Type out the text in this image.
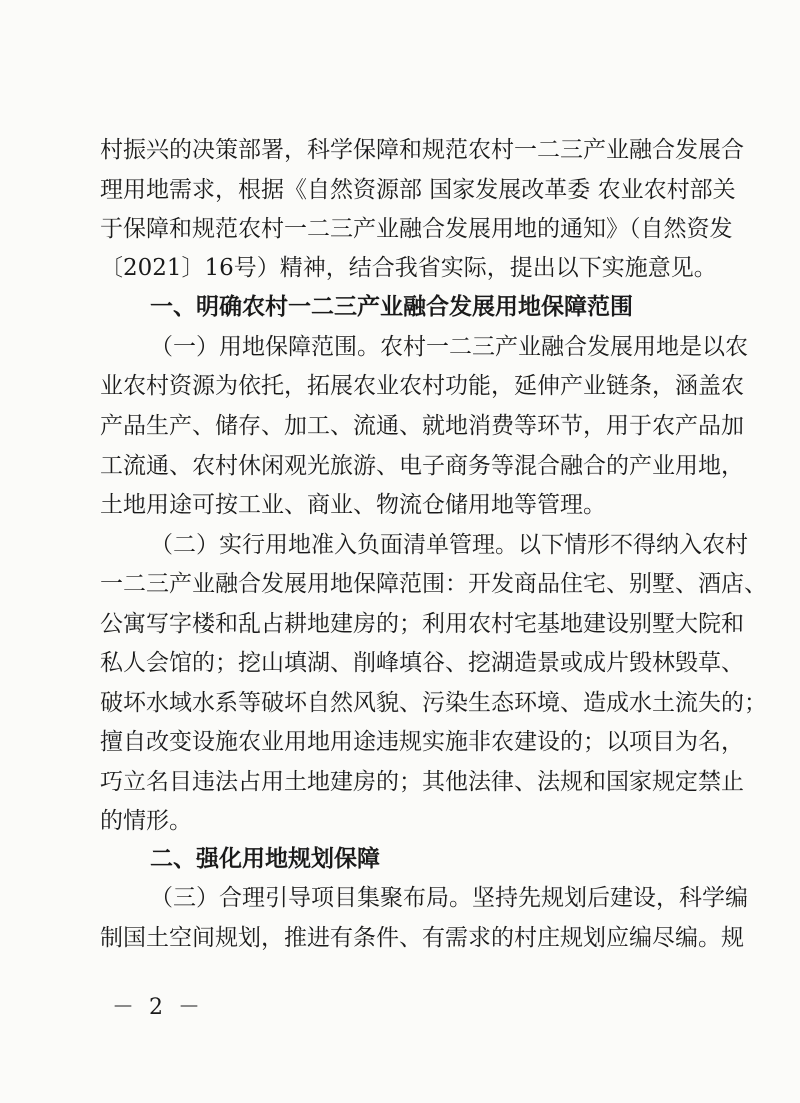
村振兴的决策部署，科学保障和规范农村一二三产业融合发展合
理用地需求，根据《自然资源部 国家发展改革委 农业农村部关
于保障和规范农村一二三产业融合发展用地的通知》（自然资发
〔2021〕16号）精神，结合我省实际，提出以下实施意见。
一、明确农村一二三产业融合发展用地保障范围
（一）用地保障范围。农村一二三产业融合发展用地是以农
业农村资源为依托，拓展农业农村功能，延伸产业链条，涵盖农
产品生产、储存、加工、流通、就地消费等环节，用于农产品加
工流通、农村休闲观光旅游、电子商务等混合融合的产业用地，
土地用途可按工业、商业、物流仓储用地等管理。
（二）实行用地准入负面清单管理。以下情形不得纳入农村
一二三产业融合发展用地保障范围：开发商品住宅、别墅、酒店、
公寓写字楼和乱占耕地建房的；利用农村宅基地建设别墅大院和
私人会馆的；挖山填湖、削峰填谷、挖湖造景或成片毁林毁草、
破坏水域水系等破坏自然风貌、污染生态环境、造成水土流失的；
擅自改变设施农业用地用途违规实施非农建设的；以项目为名，
巧立名目违法占用土地建房的；其他法律、法规和国家规定禁止
的情形。
二、强化用地规划保障
（三）合理引导项目集聚布局。坚持先规划后建设，科学编
制国土空间规划，推进有条件、有需求的村庄规划应编尽编。规
－ 2 －
